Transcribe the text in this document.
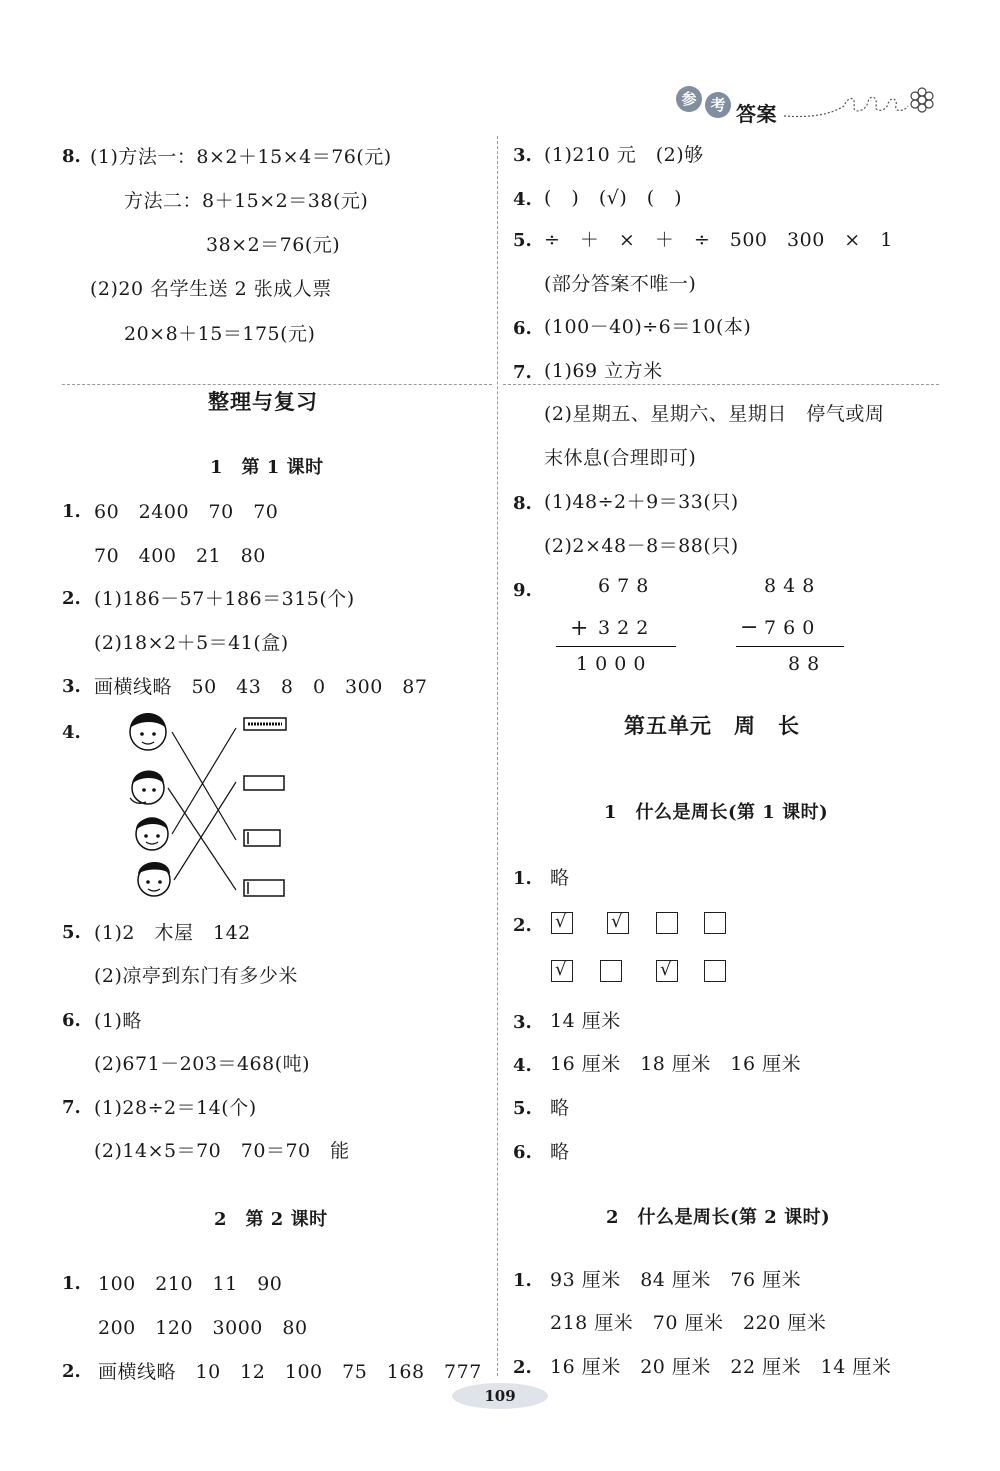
参 考 答案
8. (1)方法一：8×2＋15×4＝76(元)
方法二：8＋15×2＝38(元)
38×2＝76(元)
(2)20 名学生送 2 张成人票
20×8＋15＝175(元)
整理与复习
1　第 1 课时
1. 60　2400　70　70
70　400　21　80
2. (1)186－57＋186＝315(个)
(2)18×2＋5＝41(盒)
3. 画横线略　50　43　8　0　300　87
4.
5. (1)2　木屋　142
(2)凉亭到东门有多少米
6. (1)略
(2)671－203＝468(吨)
7. (1)28÷2＝14(个)
(2)14×5＝70　70＝70　能
2　第 2 课时
1. 100　210　11　90
200　120　3000　80
2. 画横线略　10　12　100　75　168　777
3. (1)210 元　(2)够
4. (　)　(√)　(　)
5. ÷　＋　×　＋　÷　500　300　×　1
(部分答案不唯一)
6. (100－40)÷6＝10(本)
7. (1)69 立方米
(2)星期五、星期六、星期日　停气或周
末休息(合理即可)
8. (1)48÷2＋9＝33(只)
(2)2×48－8＝88(只)
9.	6 7 8
+ 3 2 2
1 0 0 0
8 4 8
− 7 6 0
8 8
第五单元　周　长
1　什么是周长(第 1 课时)
1. 略
2. √ √
√	√
3. 14 厘米
4. 16 厘米　18 厘米　16 厘米
5. 略
6. 略
2　什么是周长(第 2 课时)
1. 93 厘米　84 厘米　76 厘米
218 厘米　70 厘米　220 厘米
2. 16 厘米　20 厘米　22 厘米　14 厘米
109
